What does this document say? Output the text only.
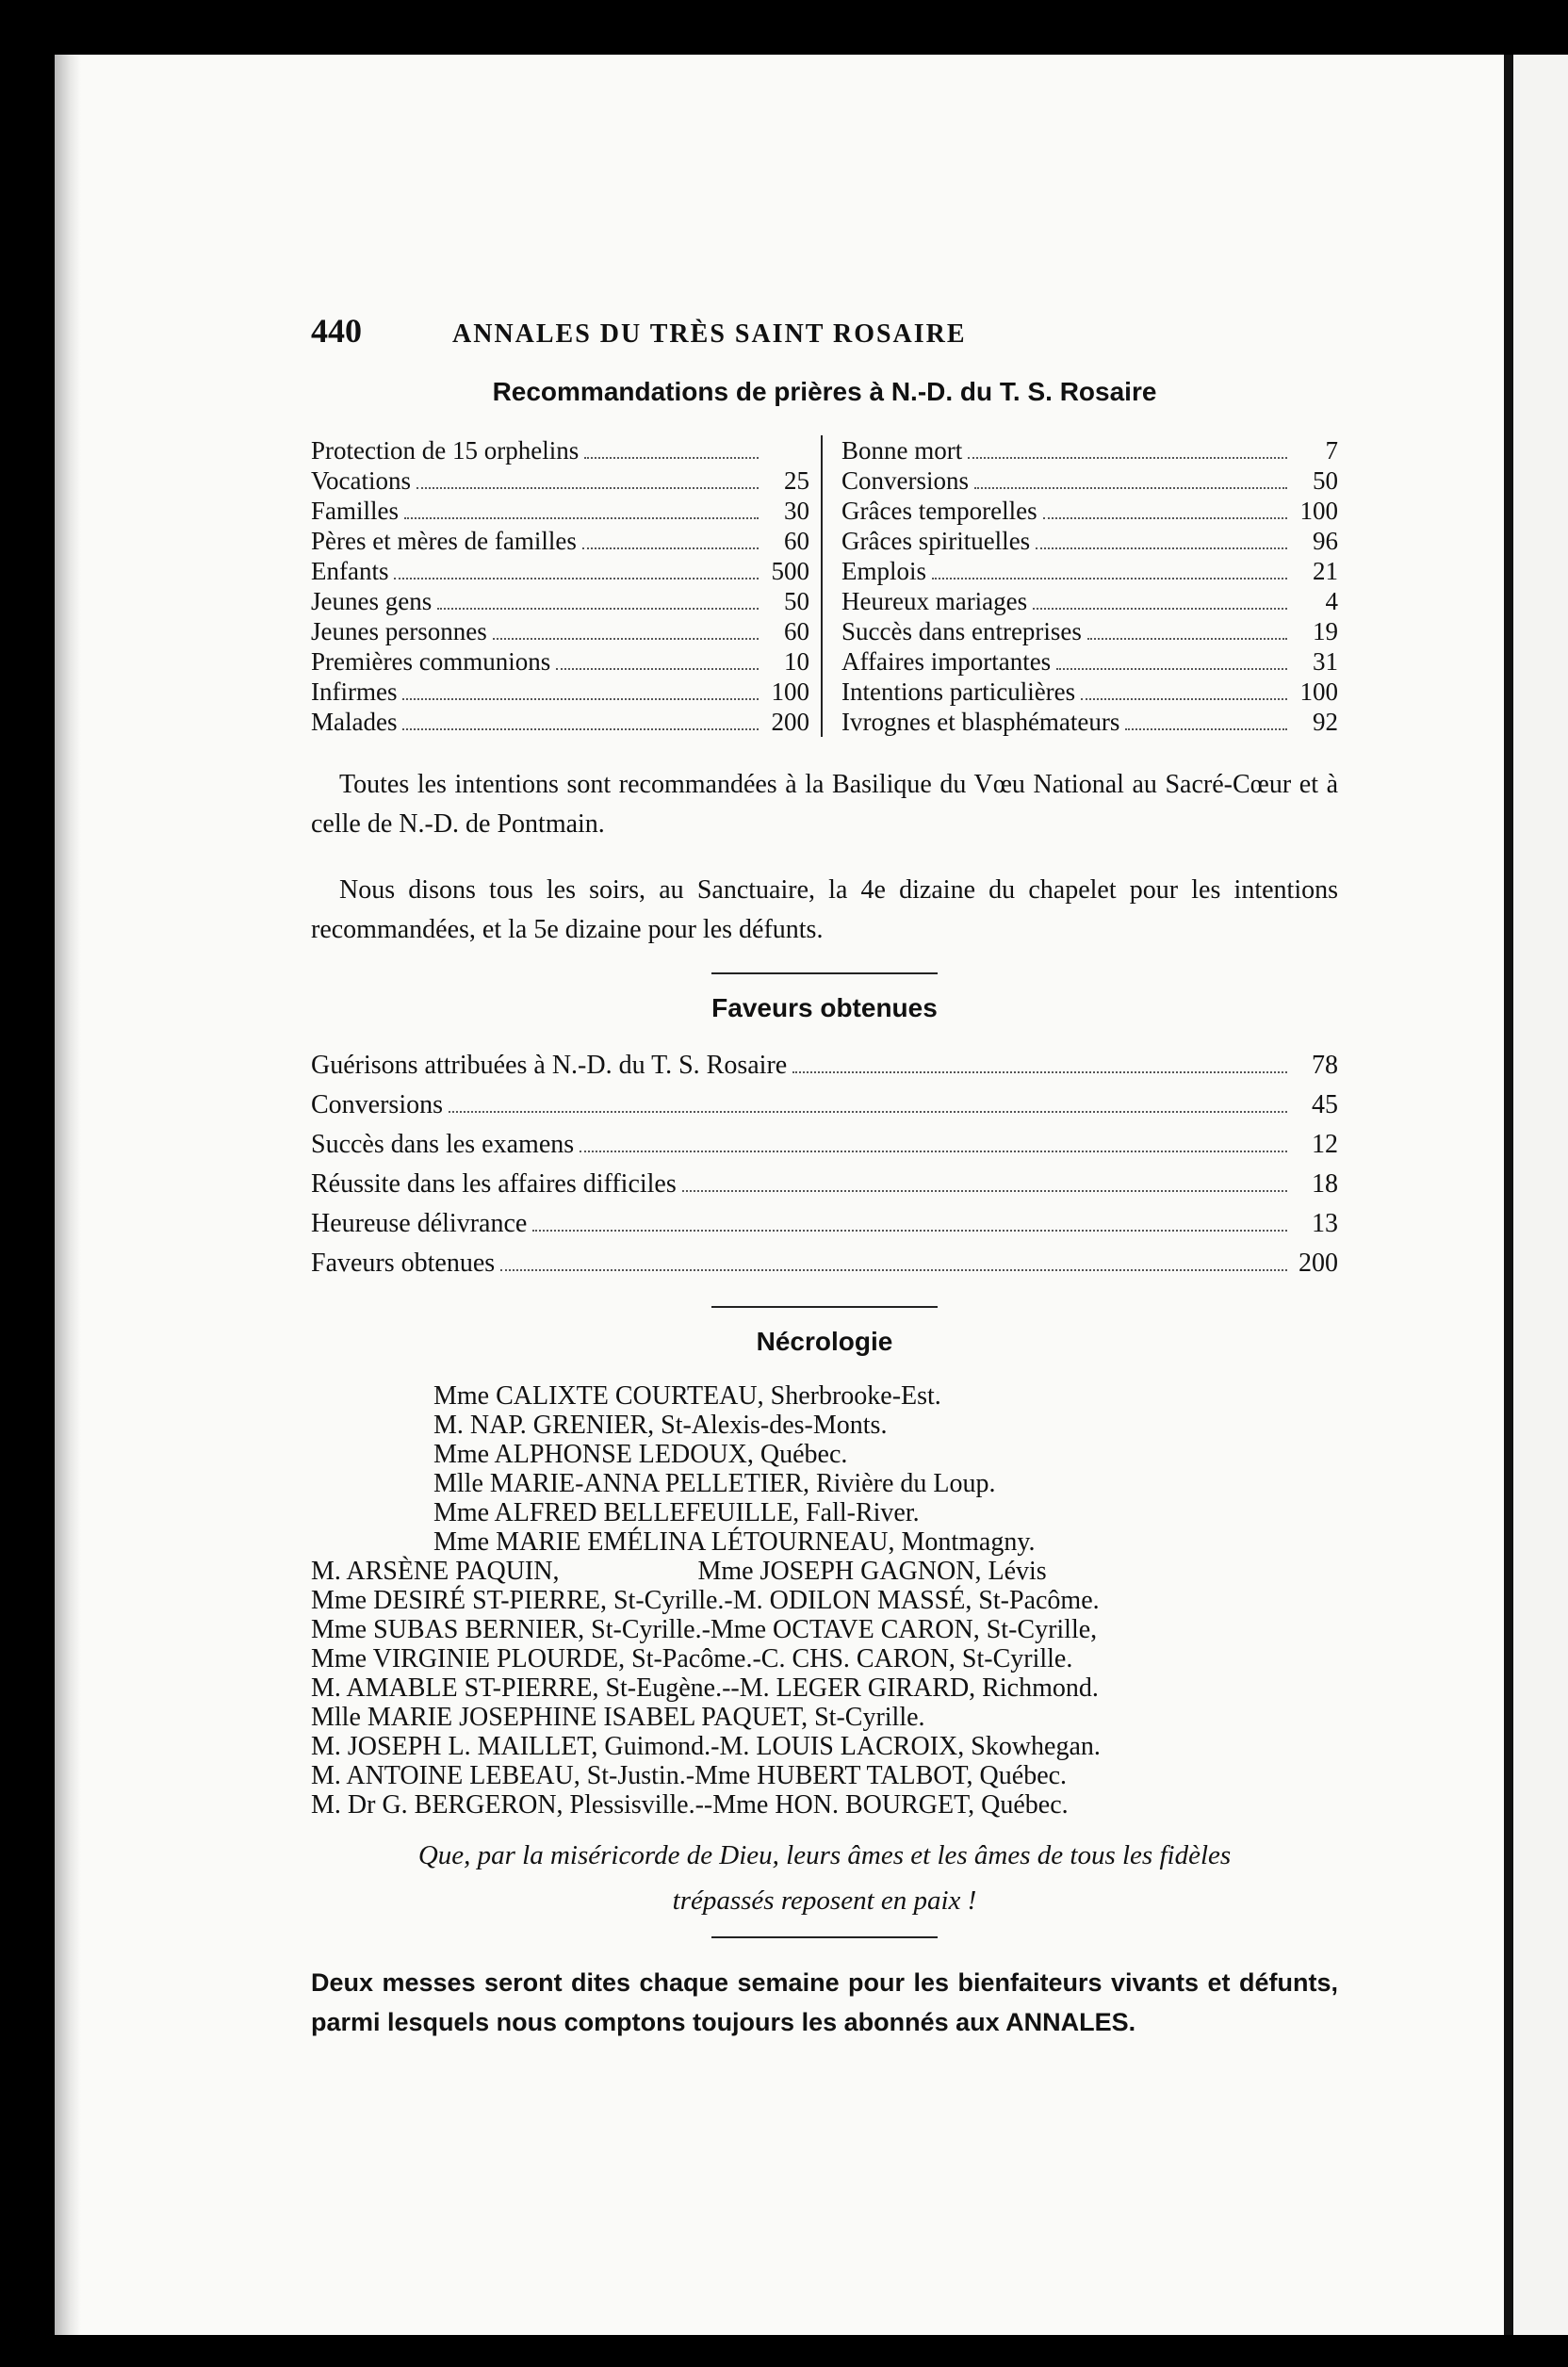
440	ANNALES DU TRÈS SAINT ROSAIRE
Recommandations de prières à N.-D. du T. S. Rosaire
Protection de 15 orphelins
Vocations	25
Familles	30
Pères et mères de familles	60
Enfants	500
Jeunes gens	50
Jeunes personnes	60
Premières communions	10
Infirmes	100
Malades	200
Bonne mort	7
Conversions	50
Grâces temporelles	100
Grâces spirituelles	96
Emplois	21
Heureux mariages	4
Succès dans entreprises	19
Affaires importantes	31
Intentions particulières	100
Ivrognes et blasphémateurs	92

Toutes les intentions sont recommandées à la Basilique du Vœu National au Sacré-Cœur et à celle de N.-D. de Pontmain.

Nous disons tous les soirs, au Sanctuaire, la 4e dizaine du chapelet pour les intentions recommandées, et la 5e dizaine pour les défunts.

Faveurs obtenues
Guérisons attribuées à N.-D. du T. S. Rosaire	78
Conversions	45
Succès dans les examens	12
Réussite dans les affaires difficiles	18
Heureuse délivrance	13
Faveurs obtenues	200
Nécrologie
Mme CALIXTE COURTEAU, Sherbrooke-Est.
M. NAP. GRENIER, St-Alexis-des-Monts.
Mme ALPHONSE LEDOUX, Québec.
Mlle MARIE-ANNA PELLETIER, Rivière du Loup.
Mme ALFRED BELLEFEUILLE, Fall-River.
Mme MARIE EMÉLINA LÉTOURNEAU, Montmagny.
M. ARSÈNE PAQUIN,                     Mme JOSEPH GAGNON, Lévis
Mme DESIRÉ ST-PIERRE, St-Cyrille.-M. ODILON MASSÉ, St-Pacôme.
Mme SUBAS BERNIER, St-Cyrille.-Mme OCTAVE CARON, St-Cyrille,
Mme VIRGINIE PLOURDE, St-Pacôme.-C. CHS. CARON, St-Cyrille.
M. AMABLE ST-PIERRE, St-Eugène.--M. LEGER GIRARD, Richmond.
Mlle MARIE JOSEPHINE ISABEL PAQUET, St-Cyrille.
M. JOSEPH L. MAILLET, Guimond.-M. LOUIS LACROIX, Skowhegan.
M. ANTOINE LEBEAU, St-Justin.-Mme HUBERT TALBOT, Québec.
M. Dr G. BERGERON, Plessisville.--Mme HON. BOURGET, Québec.
Que, par la miséricorde de Dieu, leurs âmes et les âmes de tous les fidèles
trépassés reposent en paix !

Deux messes seront dites chaque semaine pour les bienfaiteurs vivants et défunts, parmi lesquels nous comptons toujours les abonnés aux ANNALES.
